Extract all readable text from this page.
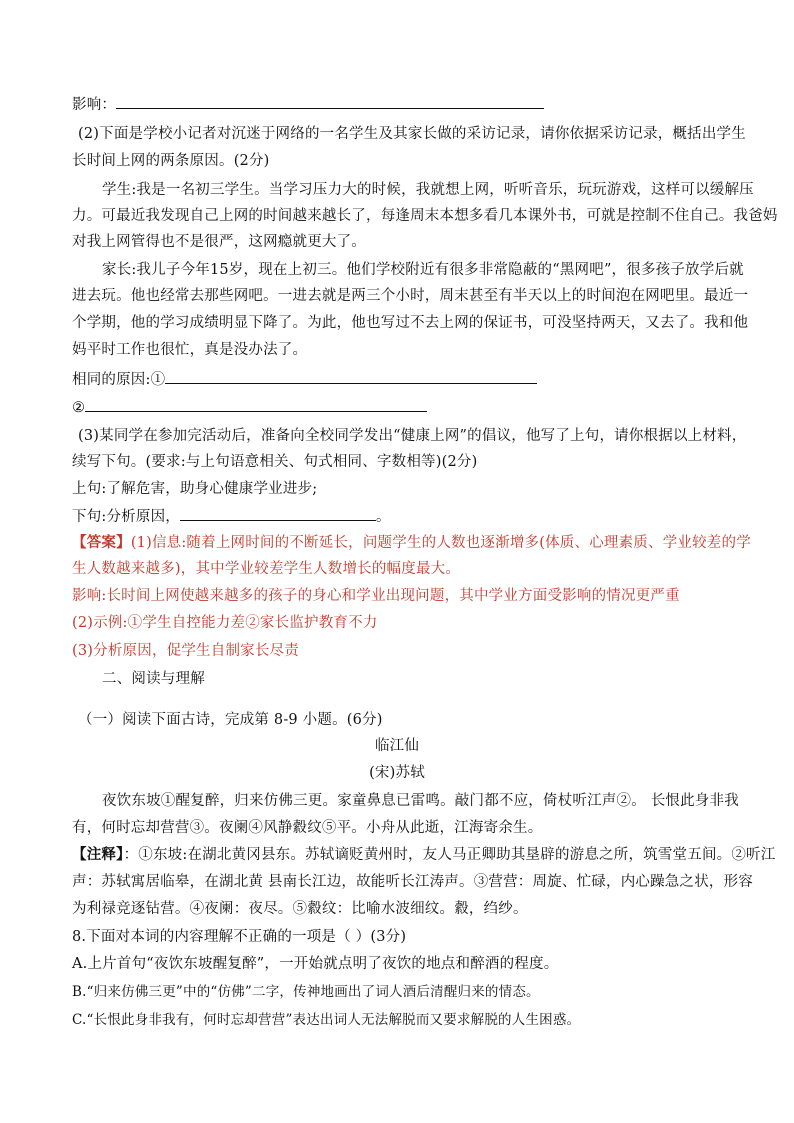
影响：
(2)下面是学校小记者对沉迷于网络的一名学生及其家长做的采访记录，请你依据采访记录，概括出学生
长时间上网的两条原因。(2分)
学生:我是一名初三学生。当学习压力大的时候，我就想上网，听听音乐，玩玩游戏，这样可以缓解压
力。可最近我发现自己上网的时间越来越长了，每逢周末本想多看几本课外书，可就是控制不住自己。我爸妈
对我上网管得也不是很严，这网瘾就更大了。
家长:我儿子今年15岁，现在上初三。他们学校附近有很多非常隐蔽的“黑网吧”，很多孩子放学后就
进去玩。他也经常去那些网吧。一进去就是两三个小时，周末甚至有半天以上的时间泡在网吧里。最近一
个学期，他的学习成绩明显下降了。为此，他也写过不去上网的保证书，可没坚持两天，又去了。我和他
妈平时工作也很忙，真是没办法了。
相同的原因:①
②
(3)某同学在参加完活动后，准备向全校同学发出“健康上网”的倡议，他写了上句，请你根据以上材料，
续写下句。(要求:与上句语意相关、句式相同、字数相等)(2分)
上句:了解危害，助身心健康学业进步;
下句:分析原因，	。
【答案】(1)信息:随着上网时间的不断延长，问题学生的人数也逐渐增多(体质、心理素质、学业较差的学
生人数越来越多)，其中学业较差学生人数增长的幅度最大。
影响:长时间上网使越来越多的孩子的身心和学业出现问题，其中学业方面受影响的情况更严重
(2)示例:①学生自控能力差②家长监护教育不力
(3)分析原因，促学生自制家长尽责
二、阅读与理解
（一）阅读下面古诗，完成第 8-9 小题。(6分)
临江仙
(宋)苏轼
夜饮东坡①醒复醉，归来仿佛三更。家童鼻息已雷鸣。敲门都不应，倚杖听江声②。 长恨此身非我
有，何时忘却营营③。夜阑④风静縠纹⑤平。小舟从此逝，江海寄余生。
【注释】：①东坡:在湖北黄冈县东。苏轼谪贬黄州时，友人马正卿助其垦辟的游息之所，筑雪堂五间。②听江
声：苏轼寓居临皋，在湖北黄 县南长江边，故能听长江涛声。③营营：周旋、忙碌，内心躁急之状，形容
为利禄竞逐钻营。④夜阑：夜尽。⑤縠纹：比喻水波细纹。縠，绉纱。
8.下面对本词的内容理解不正确的一项是（ ）(3分)
A.上片首句“夜饮东坡醒复醉”，一开始就点明了夜饮的地点和醉酒的程度。
B.“归来仿佛三更”中的“仿佛”二字，传神地画出了词人酒后清醒归来的情态。
C.“长恨此身非我有，何时忘却营营”表达出词人无法解脱而又要求解脱的人生困惑。
